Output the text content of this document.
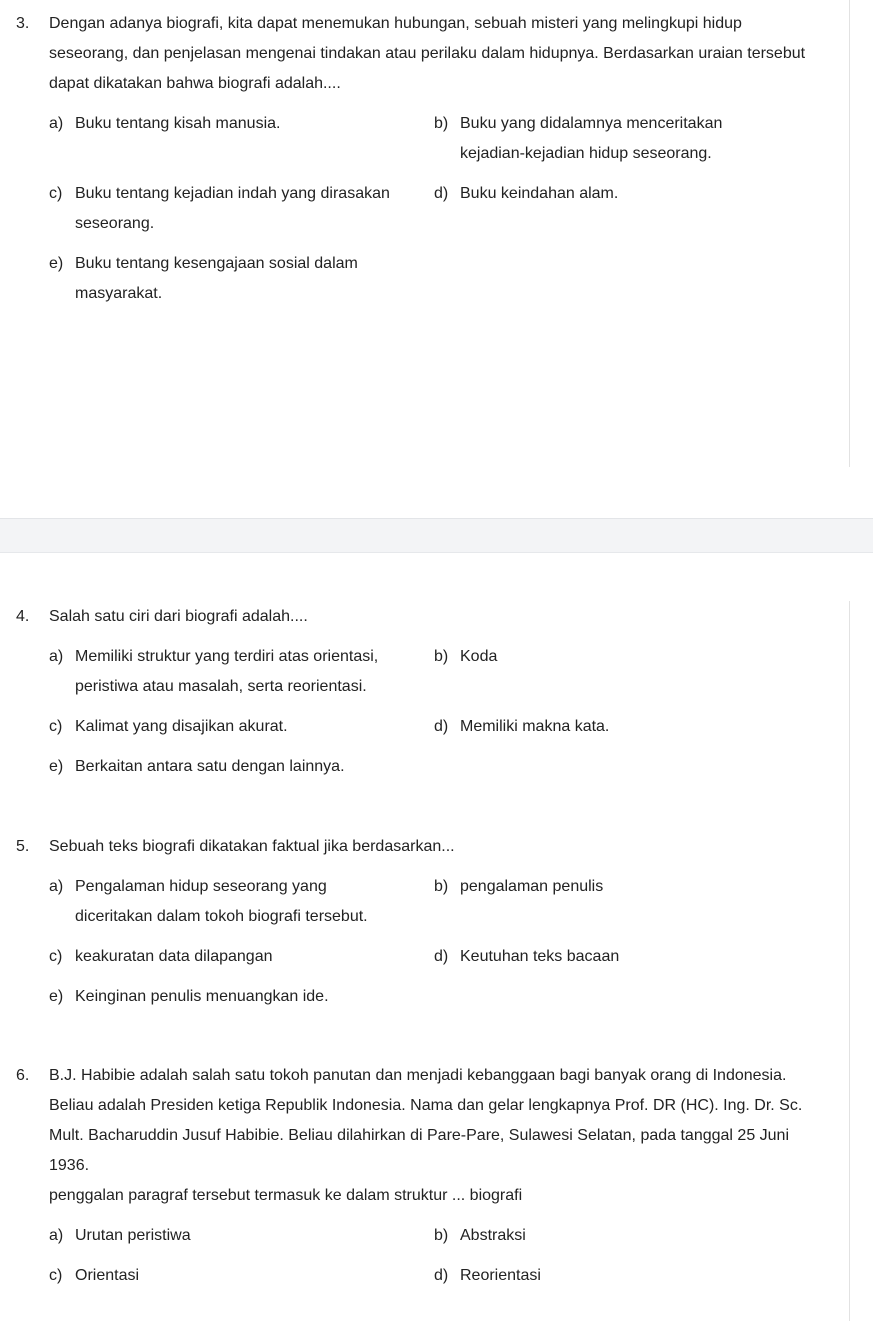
3.	Dengan adanya biografi, kita dapat menemukan hubungan, sebuah misteri yang melingkupi hidup seseorang, dan penjelasan mengenai tindakan atau perilaku dalam hidupnya. Berdasarkan uraian tersebut dapat dikatakan bahwa biografi adalah....
a) Buku tentang kisah manusia.	b) Buku yang didalamnya menceritakan kejadian-kejadian hidup seseorang.
c) Buku tentang kejadian indah yang dirasakan seseorang.
d) Buku keindahan alam.
e) Buku tentang kesengajaan sosial dalam masyarakat.
4.	Salah satu ciri dari biografi adalah....
a) Memiliki struktur yang terdiri atas orientasi, peristiwa atau masalah, serta reorientasi.
b) Koda
c) Kalimat yang disajikan akurat.	d) Memiliki makna kata.
e) Berkaitan antara satu dengan lainnya.
5.	Sebuah teks biografi dikatakan faktual jika berdasarkan...
a) Pengalaman hidup seseorang yang diceritakan dalam tokoh biografi tersebut.
b) pengalaman penulis
c) keakuratan data dilapangan	d) Keutuhan teks bacaan
e) Keinginan penulis menuangkan ide.
6.	B.J. Habibie adalah salah satu tokoh panutan dan menjadi kebanggaan bagi banyak orang di Indonesia. Beliau adalah Presiden ketiga Republik Indonesia. Nama dan gelar lengkapnya Prof. DR (HC). Ing. Dr. Sc. Mult. Bacharuddin Jusuf Habibie. Beliau dilahirkan di Pare-Pare, Sulawesi Selatan, pada tanggal 25 Juni 1936.
penggalan paragraf tersebut termasuk ke dalam struktur ... biografi
a) Urutan peristiwa	b) Abstraksi
c) Orientasi	d) Reorientasi
